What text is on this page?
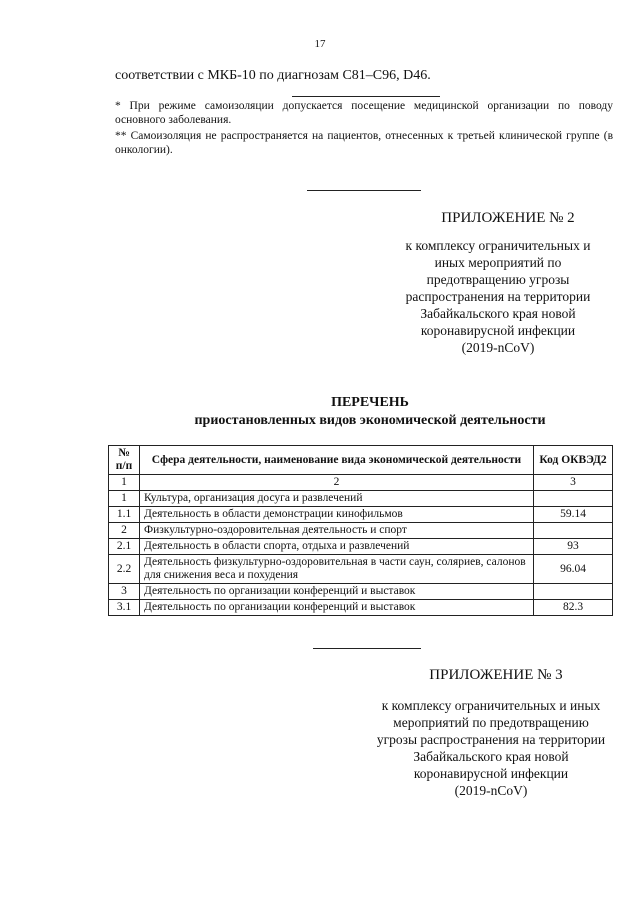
17
соответствии с МКБ-10 по диагнозам C81–C96, D46.
* При режиме самоизоляции допускается посещение медицинской организации по поводу основного заболевания.
** Самоизоляция не распространяется на пациентов, отнесенных к третьей клинической группе (в онкологии).
ПРИЛОЖЕНИЕ № 2
к комплексу ограничительных и
иных мероприятий по
предотвращению угрозы
распространения на территории
Забайкальского края новой
коронавирусной инфекции
(2019-nCoV)
ПЕРЕЧЕНЬ
приостановленных видов экономической деятельности
№ п/п	Сфера деятельности, наименование вида экономической деятельности	Код ОКВЭД2
1	2	3
1	Культура, организация досуга и развлечений	
1.1	Деятельность в области демонстрации кинофильмов	59.14
2	Физкультурно-оздоровительная деятельность и спорт	
2.1	Деятельность в области спорта, отдыха и развлечений	93
2.2	Деятельность физкультурно-оздоровительная в части саун, соляриев, салонов для снижения веса и похудения	96.04
3	Деятельность по организации конференций и выставок	
3.1	Деятельность по организации конференций и выставок	82.3
ПРИЛОЖЕНИЕ № 3
к комплексу ограничительных и иных
мероприятий по предотвращению
угрозы распространения на территории
Забайкальского края новой
коронавирусной инфекции
(2019-nCoV)
